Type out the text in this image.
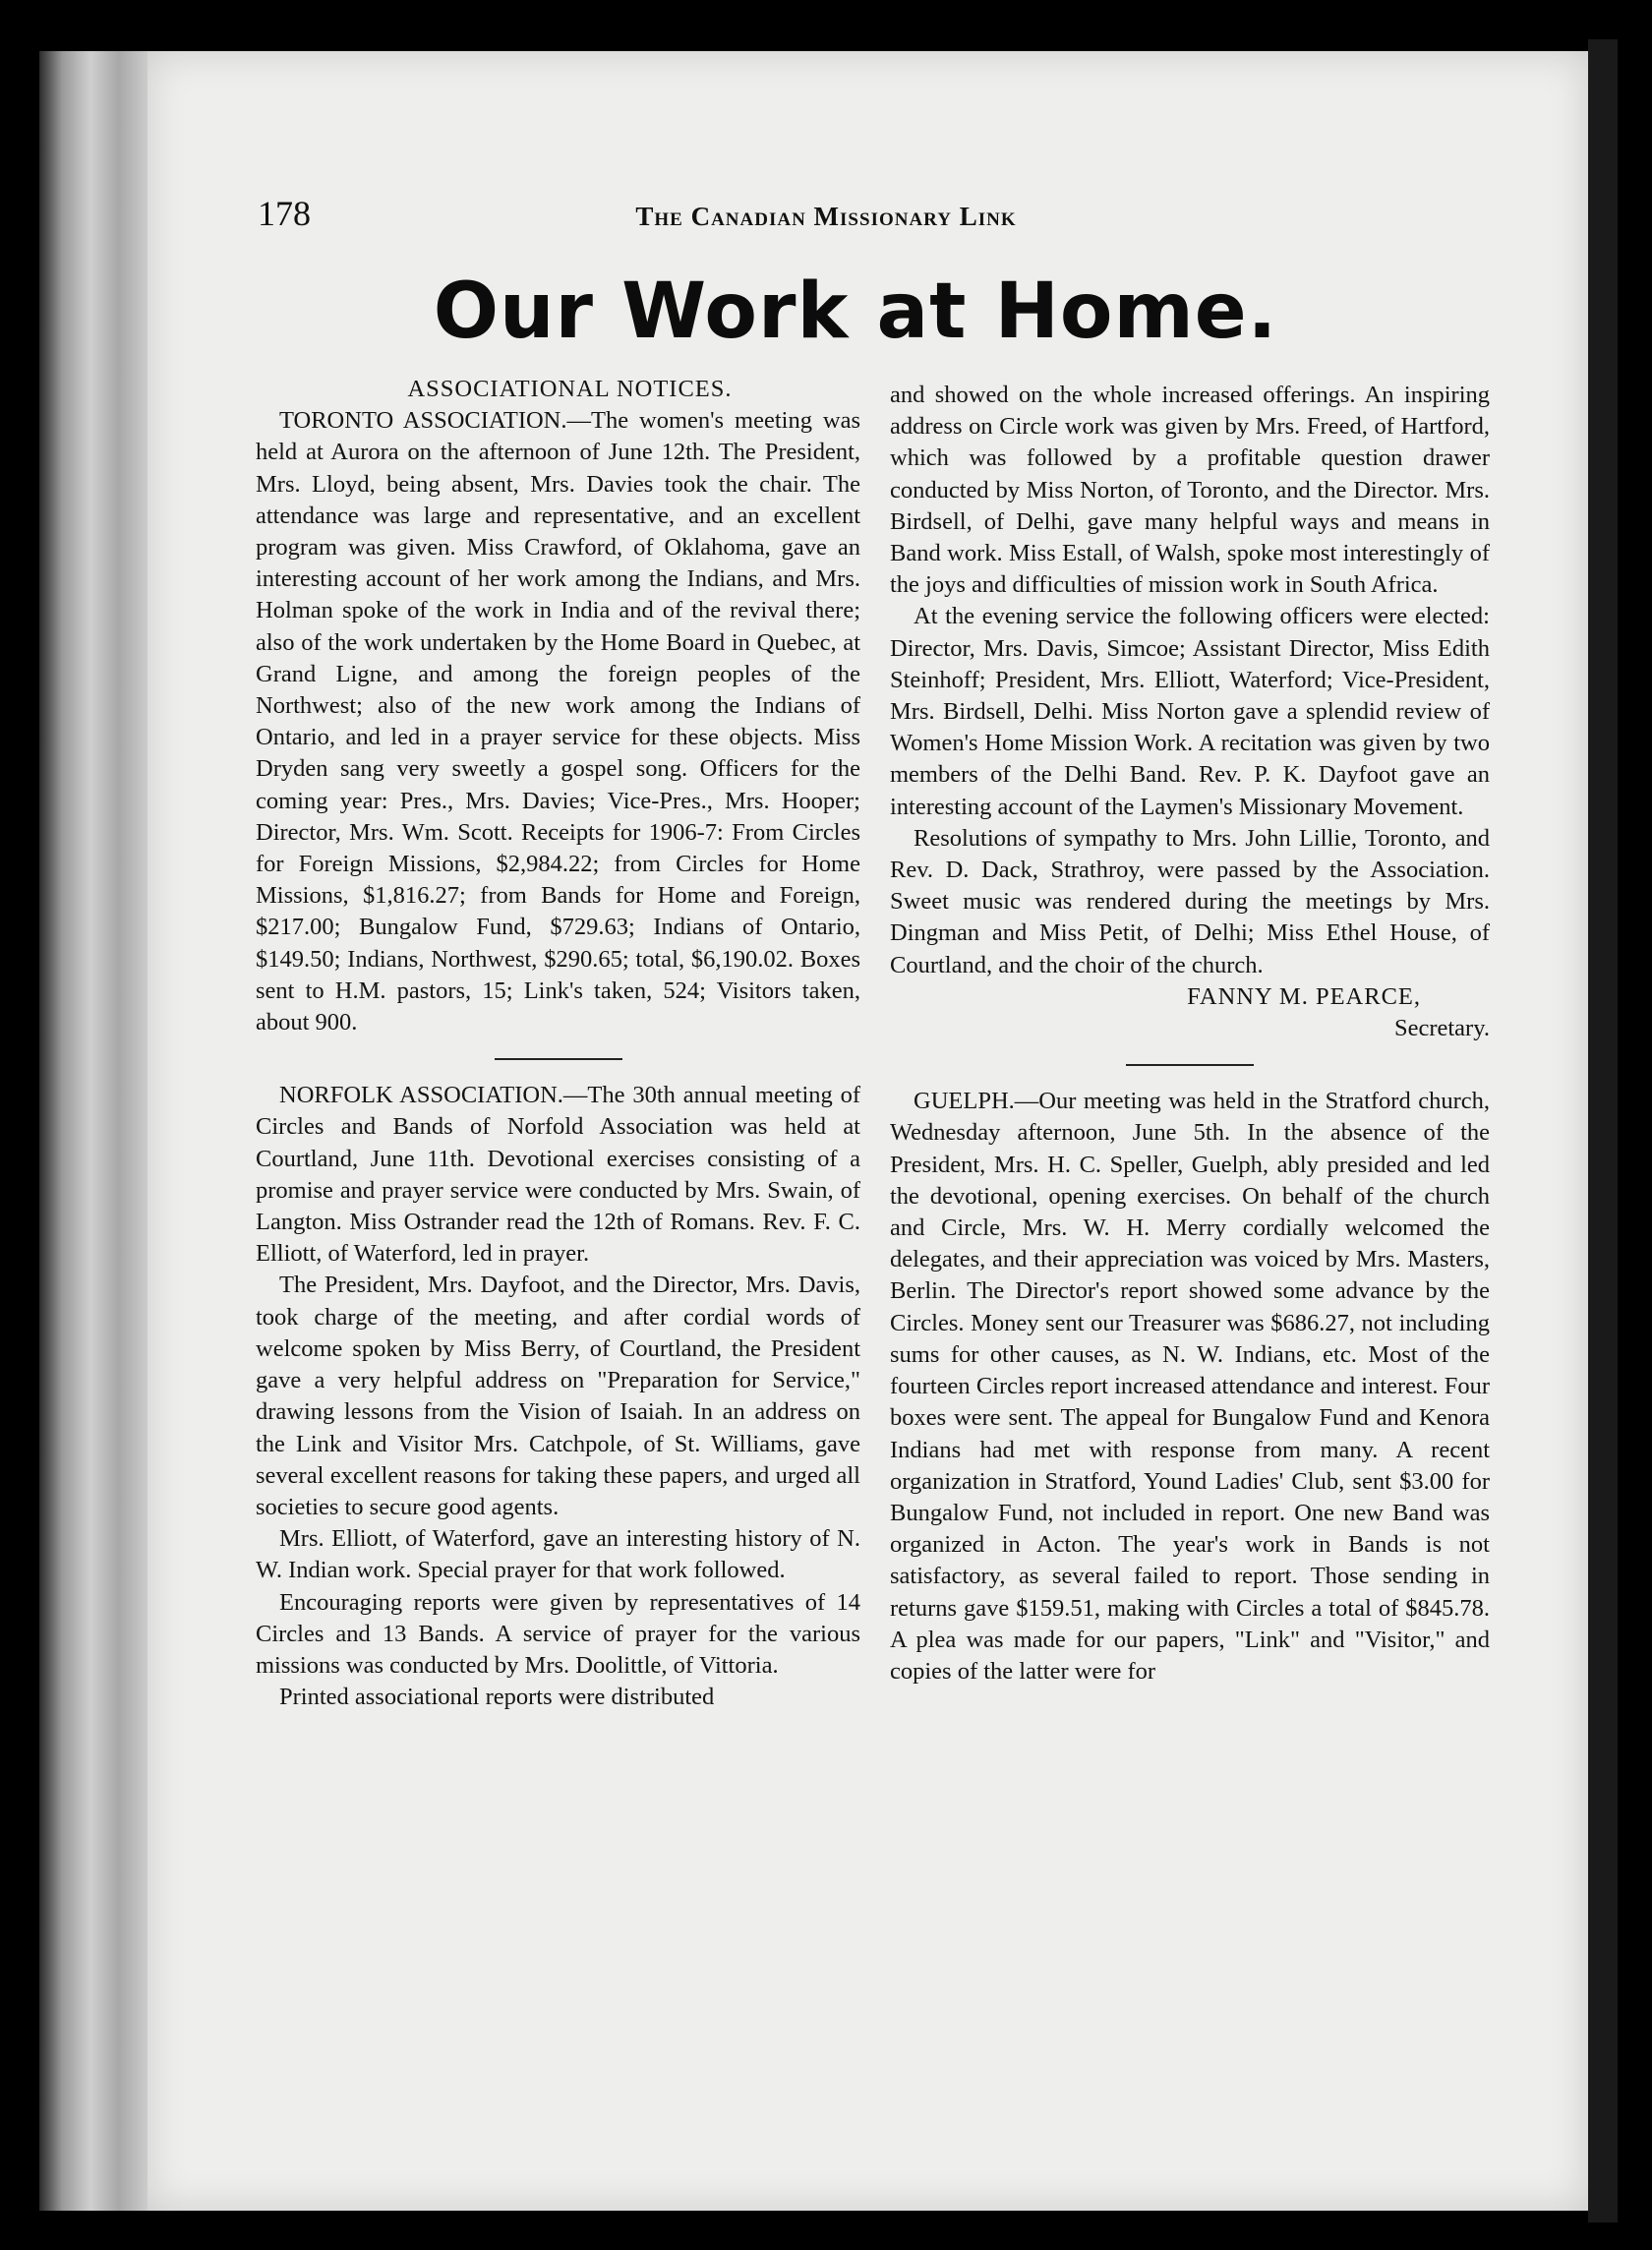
178	The Canadian Missionary Link
Our Work at Home.

ASSOCIATIONAL NOTICES.

TORONTO ASSOCIATION.—The women's meeting was held at Aurora on the afternoon of June 12th. The President, Mrs. Lloyd, being absent, Mrs. Davies took the chair. The attendance was large and representative, and an excellent program was given. Miss Crawford, of Oklahoma, gave an interesting account of her work among the Indians, and Mrs. Holman spoke of the work in India and of the revival there; also of the work undertaken by the Home Board in Quebec, at Grand Ligne, and among the foreign peoples of the Northwest; also of the new work among the Indians of Ontario, and led in a prayer service for these objects. Miss Dryden sang very sweetly a gospel song. Officers for the coming year: Pres., Mrs. Davies; Vice-Pres., Mrs. Hooper; Director, Mrs. Wm. Scott. Receipts for 1906-7: From Circles for Foreign Missions, $2,984.22; from Circles for Home Missions, $1,816.27; from Bands for Home and Foreign, $217.00; Bungalow Fund, $729.63; Indians of Ontario, $149.50; Indians, Northwest, $290.65; total, $6,190.02. Boxes sent to H.M. pastors, 15; Link's taken, 524; Visitors taken, about 900.

NORFOLK ASSOCIATION.—The 30th annual meeting of Circles and Bands of Norfold Association was held at Courtland, June 11th. Devotional exercises consisting of a promise and prayer service were conducted by Mrs. Swain, of Langton. Miss Ostrander read the 12th of Romans. Rev. F. C. Elliott, of Waterford, led in prayer.

The President, Mrs. Dayfoot, and the Director, Mrs. Davis, took charge of the meeting, and after cordial words of welcome spoken by Miss Berry, of Courtland, the President gave a very helpful address on "Preparation for Service," drawing lessons from the Vision of Isaiah. In an address on the Link and Visitor Mrs. Catchpole, of St. Williams, gave several excellent reasons for taking these papers, and urged all societies to secure good agents.

Mrs. Elliott, of Waterford, gave an interesting history of N. W. Indian work. Special prayer for that work followed.

Encouraging reports were given by representatives of 14 Circles and 13 Bands. A service of prayer for the various missions was conducted by Mrs. Doolittle, of Vittoria.

Printed associational reports were distributed

and showed on the whole increased offerings. An inspiring address on Circle work was given by Mrs. Freed, of Hartford, which was followed by a profitable question drawer conducted by Miss Norton, of Toronto, and the Director. Mrs. Birdsell, of Delhi, gave many helpful ways and means in Band work. Miss Estall, of Walsh, spoke most interestingly of the joys and difficulties of mission work in South Africa.

At the evening service the following officers were elected: Director, Mrs. Davis, Simcoe; Assistant Director, Miss Edith Steinhoff; President, Mrs. Elliott, Waterford; Vice-President, Mrs. Birdsell, Delhi. Miss Norton gave a splendid review of Women's Home Mission Work. A recitation was given by two members of the Delhi Band. Rev. P. K. Dayfoot gave an interesting account of the Laymen's Missionary Movement.

Resolutions of sympathy to Mrs. John Lillie, Toronto, and Rev. D. Dack, Strathroy, were passed by the Association. Sweet music was rendered during the meetings by Mrs. Dingman and Miss Petit, of Delhi; Miss Ethel House, of Courtland, and the choir of the church.

FANNY M. PEARCE,

Secretary.

GUELPH.—Our meeting was held in the Stratford church, Wednesday afternoon, June 5th. In the absence of the President, Mrs. H. C. Speller, Guelph, ably presided and led the devotional, opening exercises. On behalf of the church and Circle, Mrs. W. H. Merry cordially welcomed the delegates, and their appreciation was voiced by Mrs. Masters, Berlin. The Director's report showed some advance by the Circles. Money sent our Treasurer was $686.27, not including sums for other causes, as N. W. Indians, etc. Most of the fourteen Circles report increased attendance and interest. Four boxes were sent. The appeal for Bungalow Fund and Kenora Indians had met with response from many. A recent organization in Stratford, Yound Ladies' Club, sent $3.00 for Bungalow Fund, not included in report. One new Band was organized in Acton. The year's work in Bands is not satisfactory, as several failed to report. Those sending in returns gave $159.51, making with Circles a total of $845.78. A plea was made for our papers, "Link" and "Visitor," and copies of the latter were for
